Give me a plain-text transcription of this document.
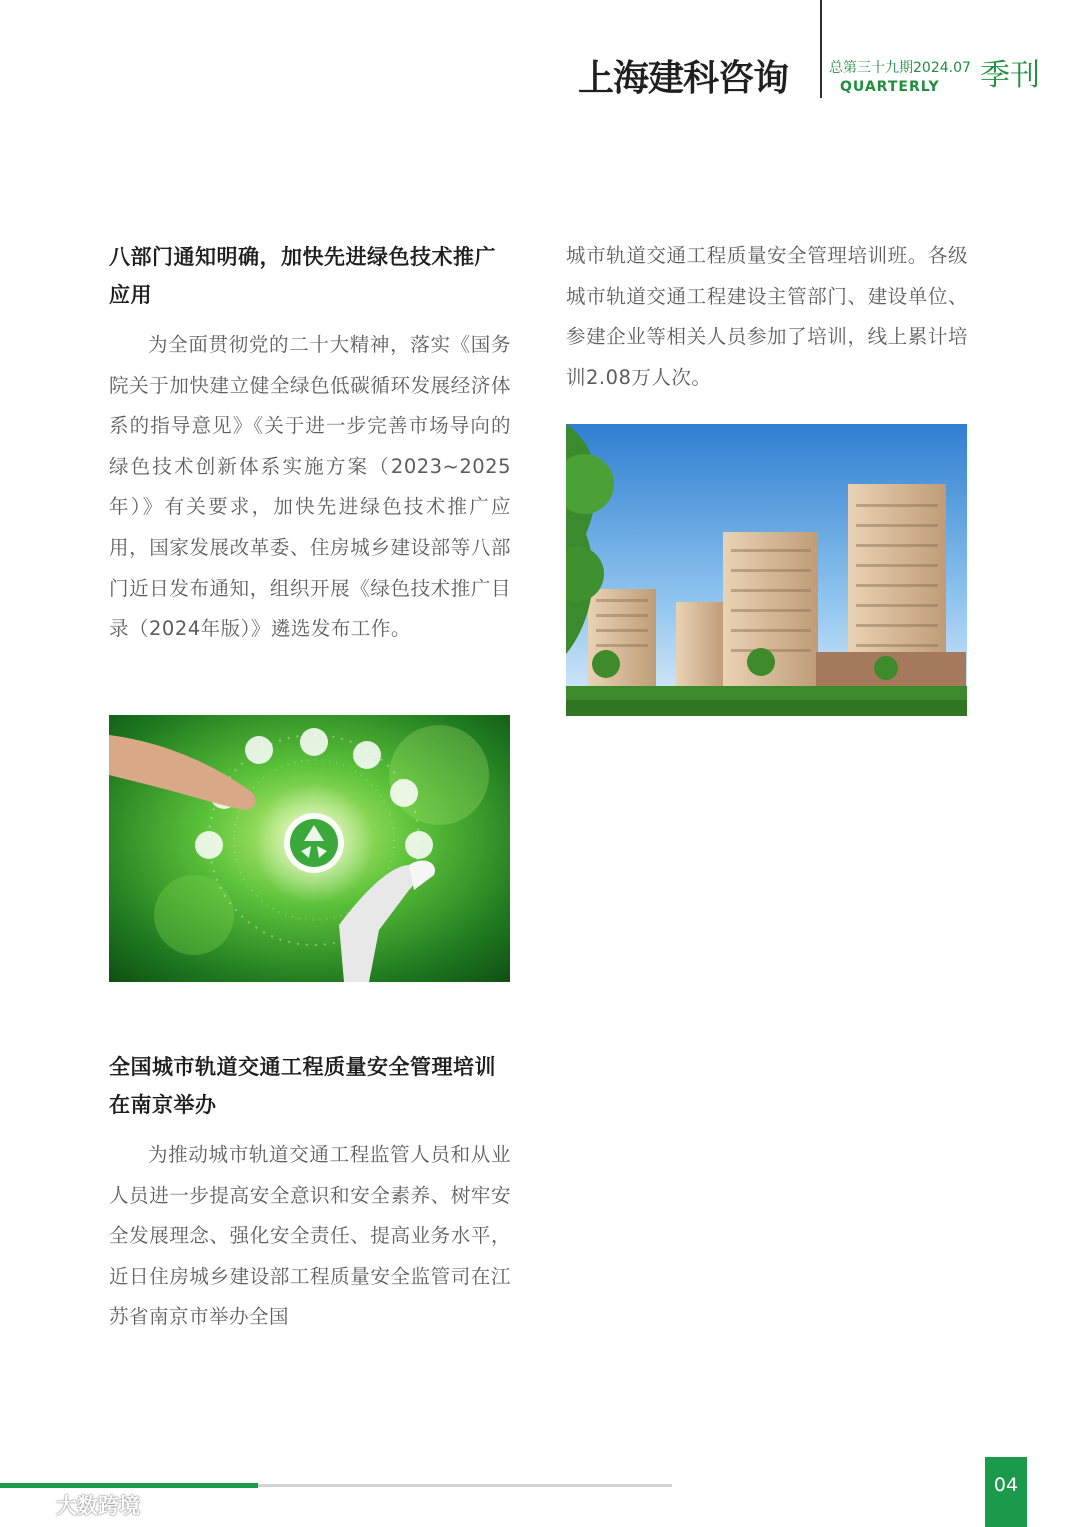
上海建科咨询	总第三十九期2024.07
QUARTERLY 季刊
八部门通知明确，加快先进绿色技术推广应用

为全面贯彻党的二十大精神，落实《国务院关于加快建立健全绿色低碳循环发展经济体系的指导意见》《关于进一步完善市场导向的绿色技术创新体系实施方案（2023~2025年）》有关要求，加快先进绿色技术推广应用，国家发展改革委、住房城乡建设部等八部门近日发布通知，组织开展《绿色技术推广目录（2024年版）》遴选发布工作。

全国城市轨道交通工程质量安全管理培训在南京举办

为推动城市轨道交通工程监管人员和从业人员进一步提高安全意识和安全素养、树牢安全发展理念、强化安全责任、提高业务水平，近日住房城乡建设部工程质量安全监管司在江苏省南京市举办全国

城市轨道交通工程质量安全管理培训班。各级城市轨道交通工程建设主管部门、建设单位、参建企业等相关人员参加了培训，线上累计培训2.08万人次。

04
大数跨境
